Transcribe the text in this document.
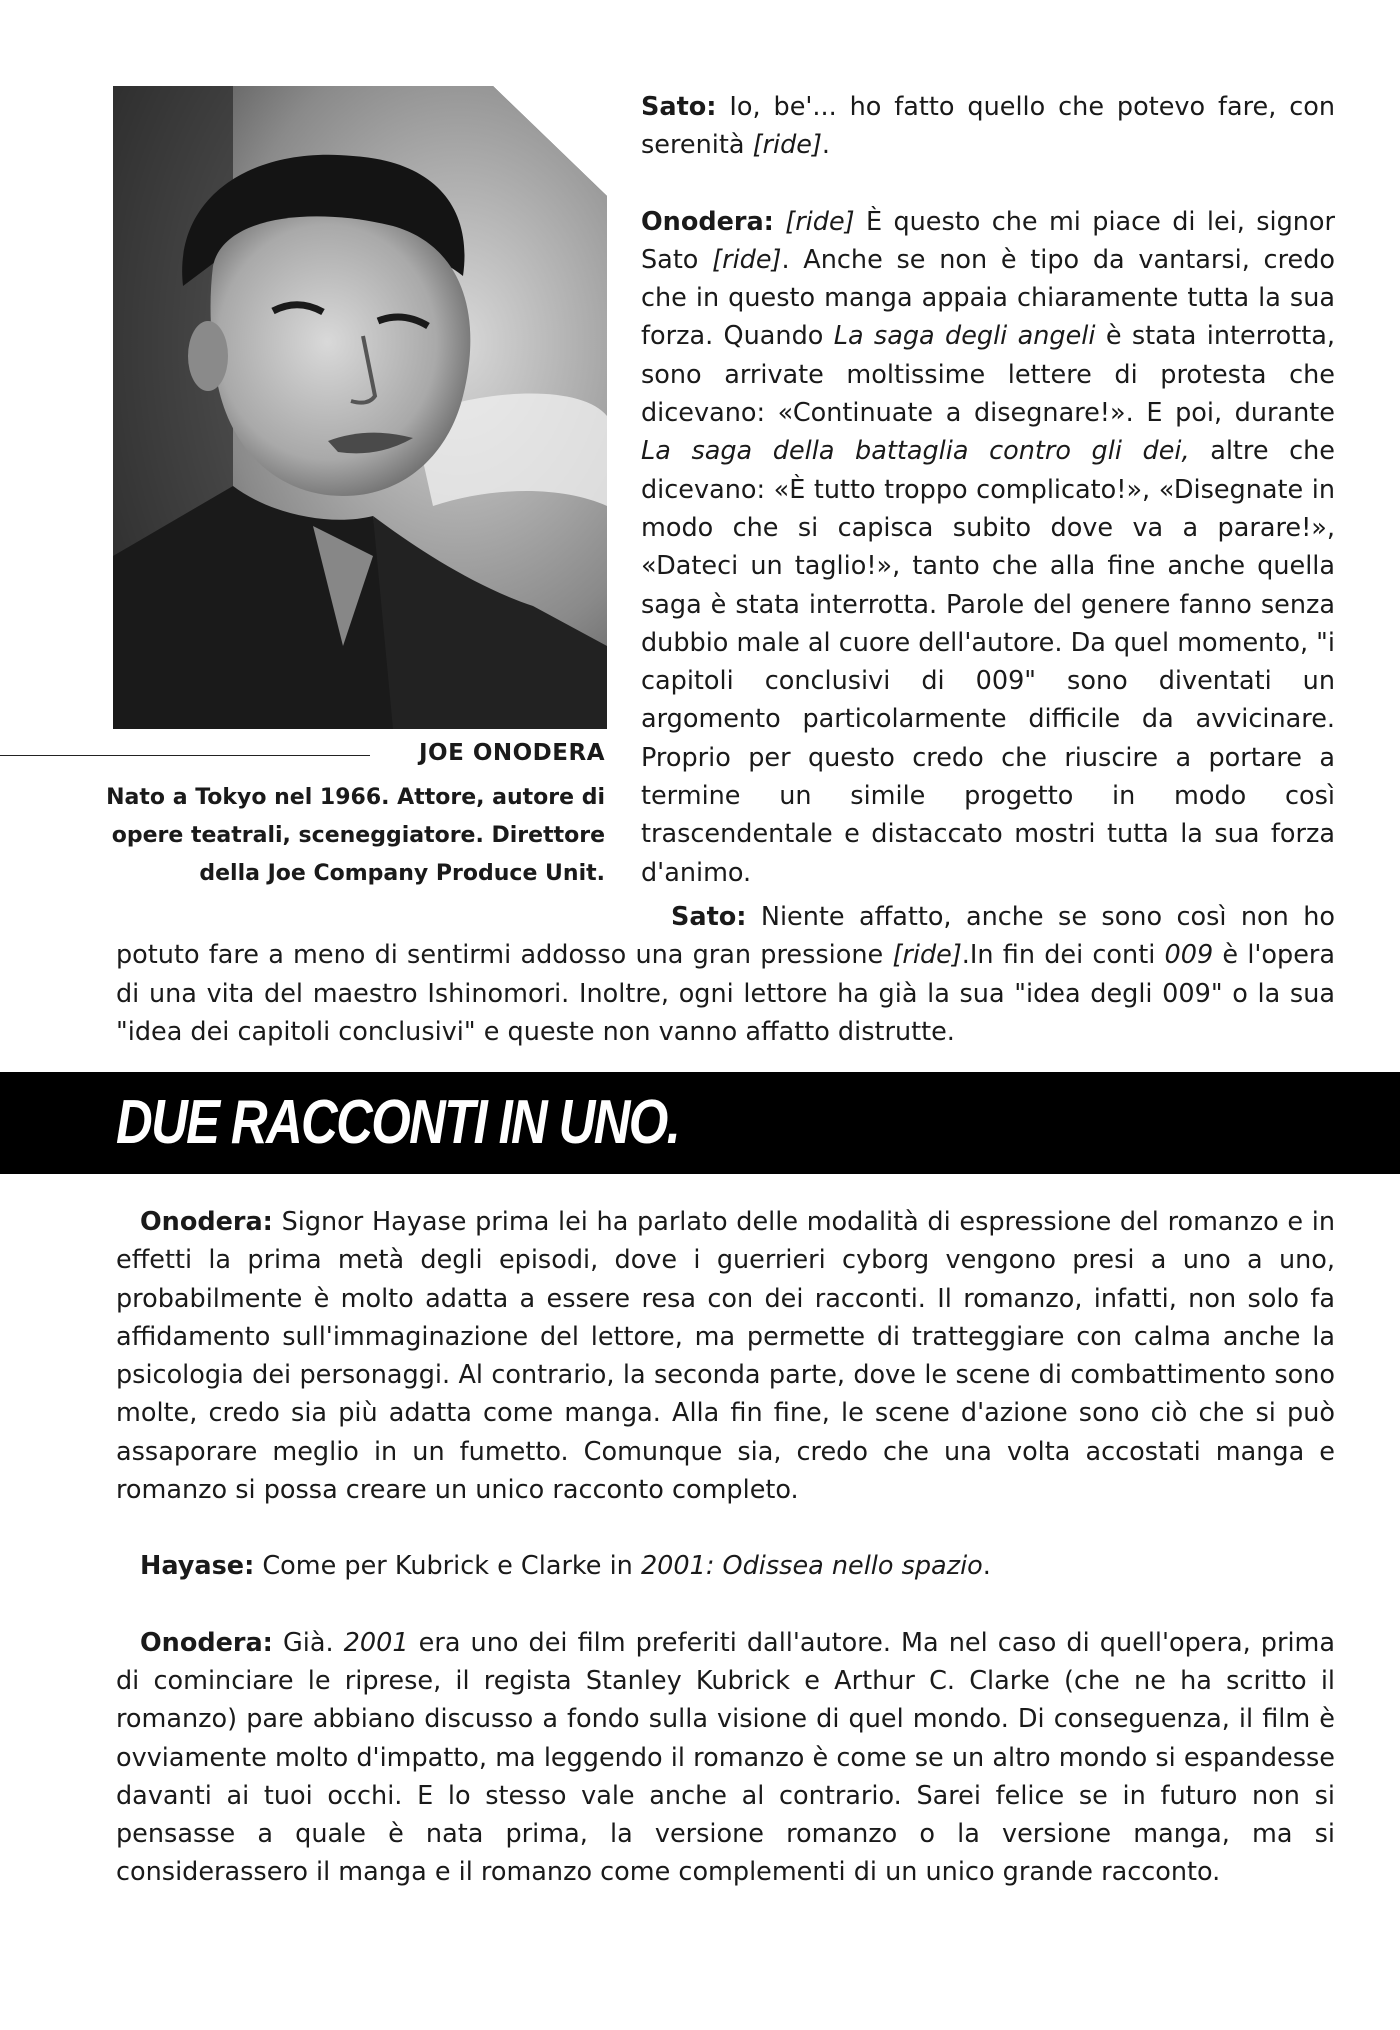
JOE ONODERA
Nato a Tokyo nel 1966. Attore, autore di opere teatrali, sceneggiatore. Direttore della Joe Company Produce Unit.

Sato: Io, be'... ho fatto quello che potevo fare, con serenità [ride].

Onodera: [ride] È questo che mi piace di lei, signor Sato [ride]. Anche se non è tipo da vantarsi, credo che in questo manga appaia chiaramente tutta la sua forza. Quando La saga degli angeli è stata interrotta, sono arrivate moltissime lettere di protesta che dicevano: «Continuate a disegnare!». E poi, durante La saga della battaglia contro gli dei, altre che dicevano: «È tutto troppo complicato!», «Disegnate in modo che si capisca subito dove va a parare!», «Dateci un taglio!», tanto che alla fine anche quella saga è stata interrotta. Parole del genere fanno senza dubbio male al cuore dell'autore. Da quel momento, "i capitoli conclusivi di 009" sono diventati un argomento particolarmente difficile da avvicinare. Proprio per questo credo che riuscire a portare a termine un simile progetto in modo così trascendentale e distaccato mostri tutta la sua forza d'animo.

Sato: Niente affatto, anche se sono così non ho potuto fare a meno di sentirmi addosso una gran pressione [ride].In fin dei conti 009 è l'opera di una vita del maestro Ishinomori. Inoltre, ogni lettore ha già la sua "idea degli 009" o la sua "idea dei capitoli conclusivi" e queste non vanno affatto distrutte.

DUE RACCONTI IN UNO.

Onodera: Signor Hayase prima lei ha parlato delle modalità di espressione del romanzo e in effetti la prima metà degli episodi, dove i guerrieri cyborg vengono presi a uno a uno, probabilmente è molto adatta a essere resa con dei racconti. Il romanzo, infatti, non solo fa affidamento sull'immaginazione del lettore, ma permette di tratteggiare con calma anche la psicologia dei personaggi. Al contrario, la seconda parte, dove le scene di combattimento sono molte, credo sia più adatta come manga. Alla fin fine, le scene d'azione sono ciò che si può assaporare meglio in un fumetto. Comunque sia, credo che una volta accostati manga e romanzo si possa creare un unico racconto completo.

Hayase: Come per Kubrick e Clarke in 2001: Odissea nello spazio.

Onodera: Già. 2001 era uno dei film preferiti dall'autore. Ma nel caso di quell'opera, prima di cominciare le riprese, il regista Stanley Kubrick e Arthur C. Clarke (che ne ha scritto il romanzo) pare abbiano discusso a fondo sulla visione di quel mondo. Di conseguenza, il film è ovviamente molto d'impatto, ma leggendo il romanzo è come se un altro mondo si espandesse davanti ai tuoi occhi. E lo stesso vale anche al contrario. Sarei felice se in futuro non si pensasse a quale è nata prima, la versione romanzo o la versione manga, ma si considerassero il manga e il romanzo come complementi di un unico grande racconto.
